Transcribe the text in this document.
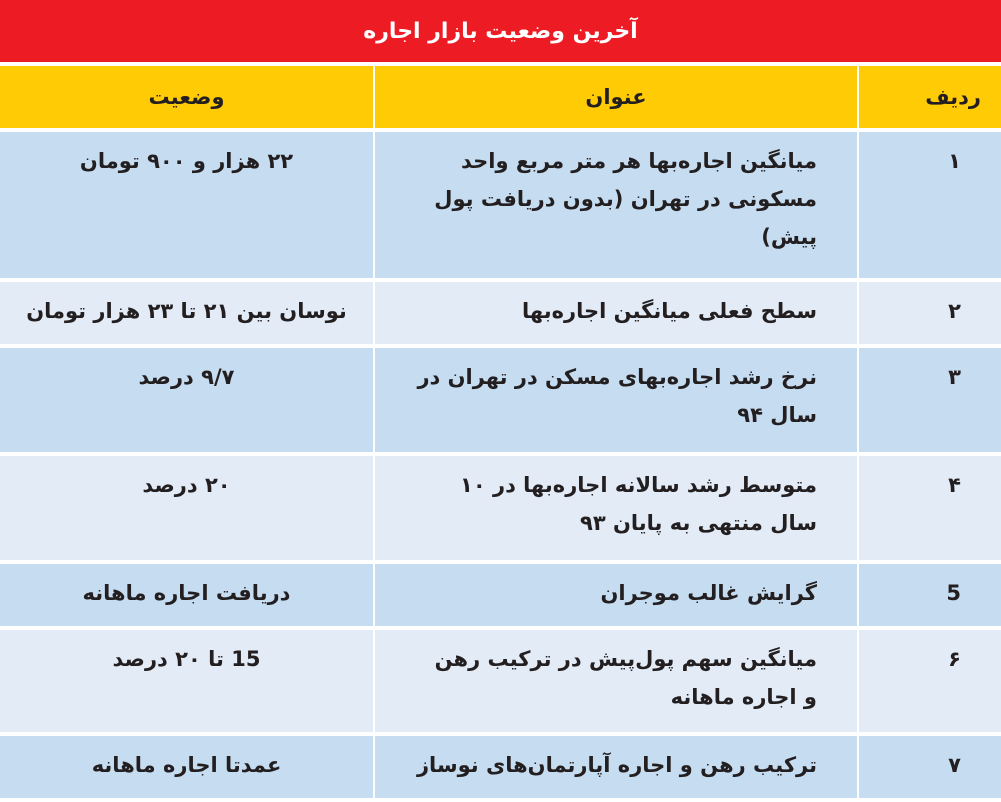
آخرین وضعیت بازار اجاره
ردیف
عنوان
وضعیت
۱
میانگین اجاره‌بها هر متر مربع واحد مسکونی در تهران (بدون دریافت پول پیش)
۲۲ هزار و ۹۰۰ تومان
۲
سطح فعلی میانگین اجاره‌بها
نوسان بین ۲۱ تا ۲۳ هزار تومان
۳
نرخ رشد اجاره‌بهای مسکن در تهران در سال ۹۴
۹/۷ درصد
۴
متوسط رشد سالانه اجاره‌بها در ۱۰ سال منتهی به پایان ۹۳
۲۰ درصد
5
گرایش غالب موجران
دریافت اجاره ماهانه
۶
میانگین سهم پول‌پیش در ترکیب رهن و اجاره ماهانه
15 تا ۲۰ درصد
۷
ترکیب رهن و اجاره آپارتمان‌های نوساز
عمدتا اجاره ماهانه
